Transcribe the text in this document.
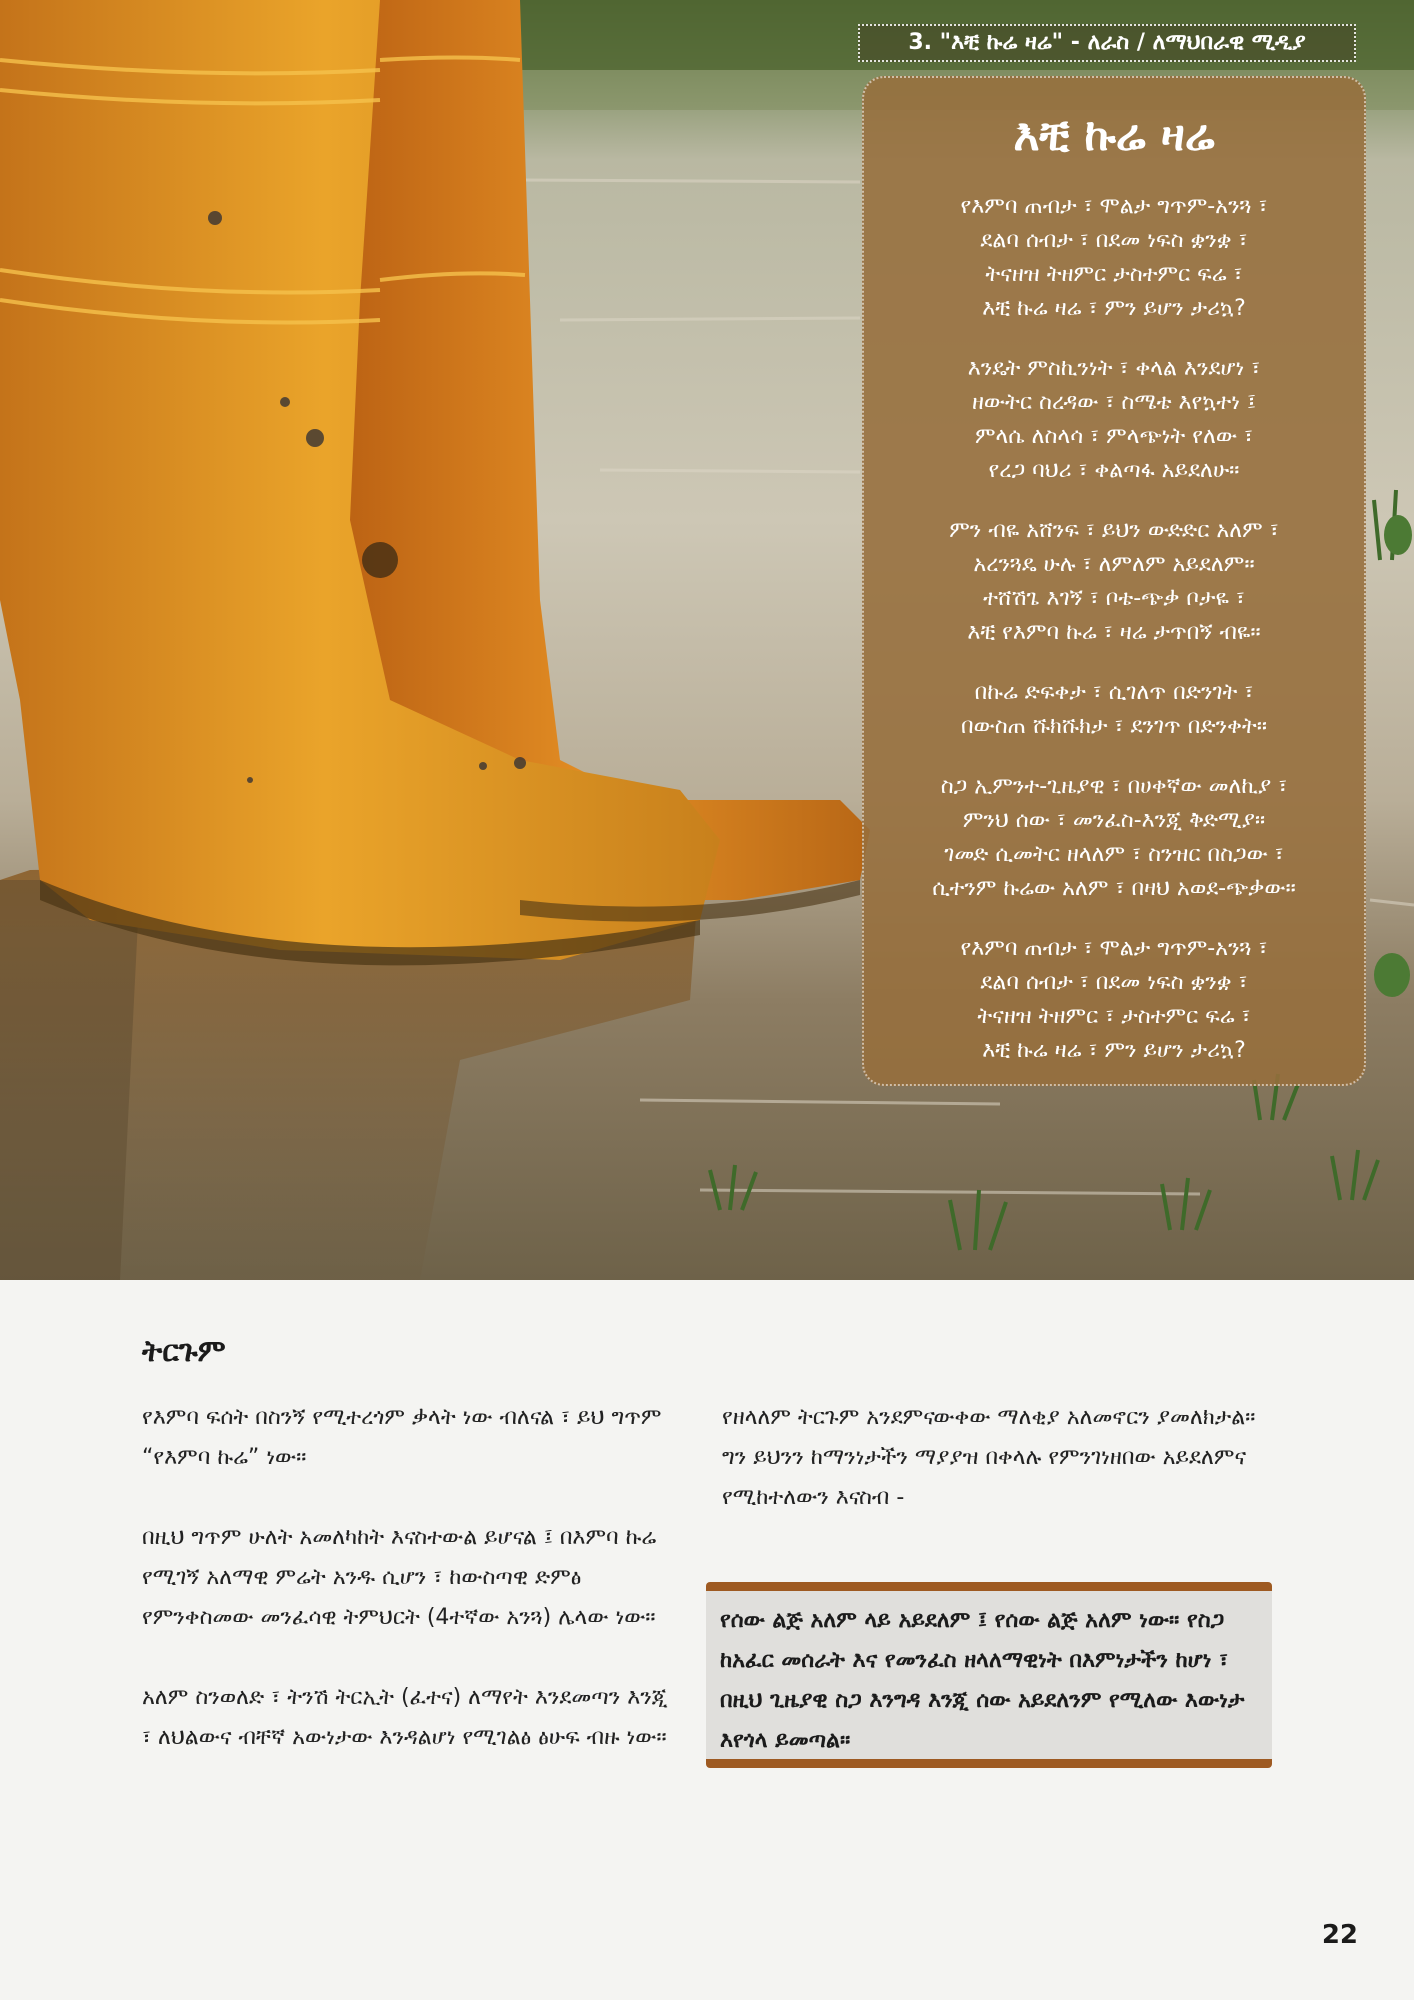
3. "እቺ ኩሬ ዛሬ" - ለራስ / ለማህበራዊ ሚዲያ
እቺ ኩሬ ዛሬ
የእምባ ጠብታ ፣ ሞልታ ግጥም-አንጓ ፣
ደልባ ሰብታ ፣ በደመ ነፍስ ቋንቋ ፣
ትናዘዝ ትዘምር ታስተምር ፍሬ ፣
እቺ ኩሬ ዛሬ ፣ ምን ይሆን ታሪኳ?
እንዴት ምስኪንነት ፣ ቀላል እንደሆነ ፣
ዘውትር ስረዳው ፣ ስሜቴ እየኳተነ ፤
ምላሴ ለስላሳ ፣ ምላጭነት የለው ፣
የረጋ ባህሪ ፣ ቀልጣፋ አይደለሁ።
ምን ብዬ አሸንፍ ፣ ይህን ውድድር አለም ፣
አረንጓዴ ሁሉ ፣ ለምለም አይደለም።
ተሸሽጌ እገኝ ፣ ቦቴ-ጭቃ ቦታዬ ፣
እቺ የእምባ ኩሬ ፣ ዛሬ ታጥበኝ ብዬ።
በኩሬ ድፍቀታ ፣ ሲገለጥ በድንገት ፣
በውስጠ ሹክሹክታ ፣ ደንገጥ በድንቀት።
ስጋ ኢምንተ-ጊዜያዊ ፣ በሀቀኛው መለኪያ ፣
ምንህ ሰው ፣ መንፈስ-እንጂ ቅድሚያ።
ገመድ ሲመትር ዘላለም ፣ ስንዝር በስጋው ፣
ሲተንም ኩሬው አለም ፣ በዛህ አወደ-ጭቃው።
የእምባ ጠብታ ፣ ሞልታ ግጥም-አንጓ ፣
ደልባ ሰብታ ፣ በደመ ነፍስ ቋንቋ ፣
ትናዘዝ ትዘምር ፣ ታስተምር ፍሬ ፣
እቺ ኩሬ ዛሬ ፣ ምን ይሆን ታሪኳ?
ትርጉም

የእምባ ፍሰት በስንኝ የሚተረጎም ቃላት ነው ብለናል ፣ ይህ ግጥም “የእምባ ኩሬ” ነው።

በዚህ ግጥም ሁለት አመለካከት እናስተውል ይሆናል ፤ በእምባ ኩሬ የሚገኝ አለማዊ ምሬት አንዱ ሲሆን ፣ ከውስጣዊ ድምፅ የምንቀስመው መንፈሳዊ ትምህርት (4ተኛው አንጓ) ሌላው ነው።

አለም ስንወለድ ፣ ትንሽ ትርኢት (ፈተና) ለማየት እንደመጣን እንጂ ፣ ለህልውና ብቸኛ አውነታው እንዳልሆነ የሚገልፅ ፅሁፍ ብዙ ነው።

የዘላለም ትርጉም አንደምናውቀው ማለቂያ አለመኖርን ያመለክታል። ግን ይህንን ከማንነታችን ማያያዝ በቀላሉ የምንገነዘበው አይደለምና የሚከተለውን እናስብ -

የሰው ልጅ አለም ላይ አይደለም ፤ የሰው ልጅ አለም ነው። የስጋ ከአፈር መሰራት እና የመንፈስ ዘላለማዊነት በእምነታችን ከሆነ ፣ በዚህ ጊዜያዊ ስጋ እንግዳ እንጂ ሰው አይደለንም የሚለው እውነታ እየጎላ ይመጣል።
22
